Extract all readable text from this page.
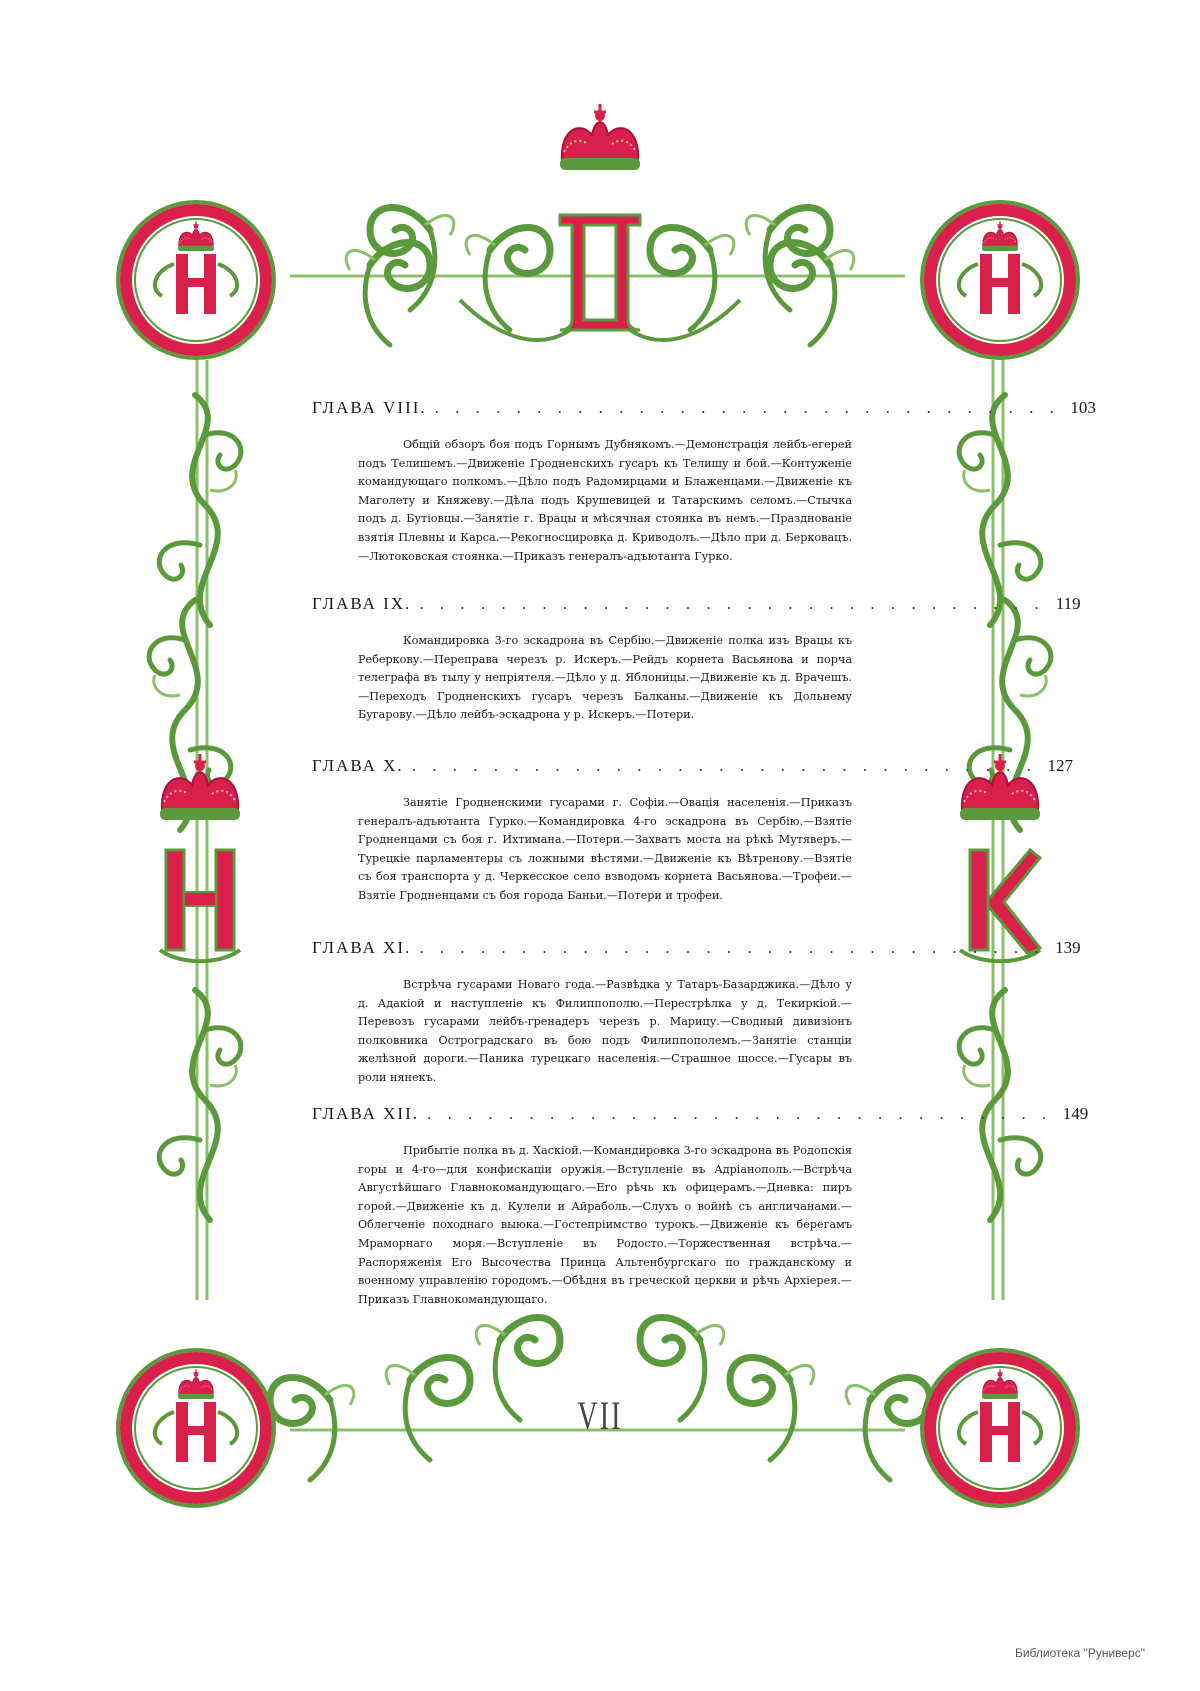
ГЛАВА VIII. . . . . . . . . . . . . . . . . . . . . . . . . . . . . . . . 103

Общій обзоръ боя подъ Горнымъ Дубнякомъ.—Демонстрація лейбъ-егерей подъ Телишемъ.—Движеніе Гродненскихъ гусаръ къ Телишу и бой.—Контуженіе командующаго полкомъ.—Дѣло подъ Радомирцами и Блаженцами.—Движеніе къ Маголету и Княжеву.—Дѣла подъ Крушевицей и Татарскимъ селомъ.—Стычка подъ д. Бутіовцы.—Занятіе г. Врацы и мѣсячная стоянка въ немъ.—Празднованіе взятія Плевны и Карса.—Рекогносцировка д. Криводолъ.—Дѣло при д. Берковацъ.—Лютоковская стоянка.—Приказъ генералъ-адъютанта Гурко.

ГЛАВА IX. . . . . . . . . . . . . . . . . . . . . . . . . . . . . . . . 119

Командировка 3-го эскадрона въ Сербію.—Движеніе полка изъ Врацы къ Реберкову.—Переправа черезъ р. Искеръ.—Рейдъ корнета Васьянова и порча телеграфа въ тылу у непріятеля.—Дѣло у д. Яблоницы.—Движеніе къ д. Врачешъ.—Переходъ Гродненскихъ гусаръ черезъ Балканы.—Движеніе къ Дольнему Бугарову.—Дѣло лейбъ-эскадрона у р. Искеръ.—Потери.

ГЛАВА X. . . . . . . . . . . . . . . . . . . . . . . . . . . . . . . . 127

Занятіе Гродненскими гусарами г. Софіи.—Овація населенія.—Приказъ генералъ-адъютанта Гурко.—Командировка 4-го эскадрона въ Сербію.—Взятіе Гродненцами съ боя г. Ихтимана.—Потери.—Захватъ моста на рѣкѣ Мутяверъ.—Турецкіе парламентеры съ ложными вѣстями.—Движеніе къ Вѣтренову.—Взятіе съ боя транспорта у д. Черкесское село взводомъ корнета Васьянова.—Трофеи.—Взятіе Гродненцами съ боя города Баньи.—Потери и трофеи.

ГЛАВА XI. . . . . . . . . . . . . . . . . . . . . . . . . . . . . . . . 139

Встрѣча гусарами Новаго года.—Развѣдка у Татаръ-Базарджика.—Дѣло у д. Адакіой и наступленіе къ Филиппополю.—Перестрѣлка у д. Текиркіой.—Перевозъ гусарами лейбъ-гренадеръ черезъ р. Марицу.—Сводный дивизіонъ полковника Остроградскаго въ бою подъ Филиппополемъ.—Занятіе станціи желѣзной дороги.—Паника турецкаго населенія.—Страшное шоссе.—Гусары въ роли нянекъ.

ГЛАВА XII. . . . . . . . . . . . . . . . . . . . . . . . . . . . . . . . 149

Прибытіе полка въ д. Хаскіой.—Командировка 3-го эскадрона въ Родопскія горы и 4-го—для конфискаціи оружія.—Вступленіе въ Адріанополь.—Встрѣча Августѣйшаго Главнокомандующаго.—Его рѣчь къ офицерамъ.—Дневка: пиръ горой.—Движеніе къ д. Кулели и Айраболь.—Слухъ о войнѣ съ англичанами.—Облегченіе походнаго выюка.—Гостепріимство турокъ.—Движеніе къ берегамъ Мраморнаго моря.—Вступленіе въ Родосто.—Торжественная встрѣча.—Распоряженія Его Высочества Принца Альтенбургскаго по гражданскому и военному управленію городомъ.—Обѣдня въ греческой церкви и рѣчь Архіерея.—Приказъ Главнокомандующаго.

VII
Библиотека "Руниверс"
